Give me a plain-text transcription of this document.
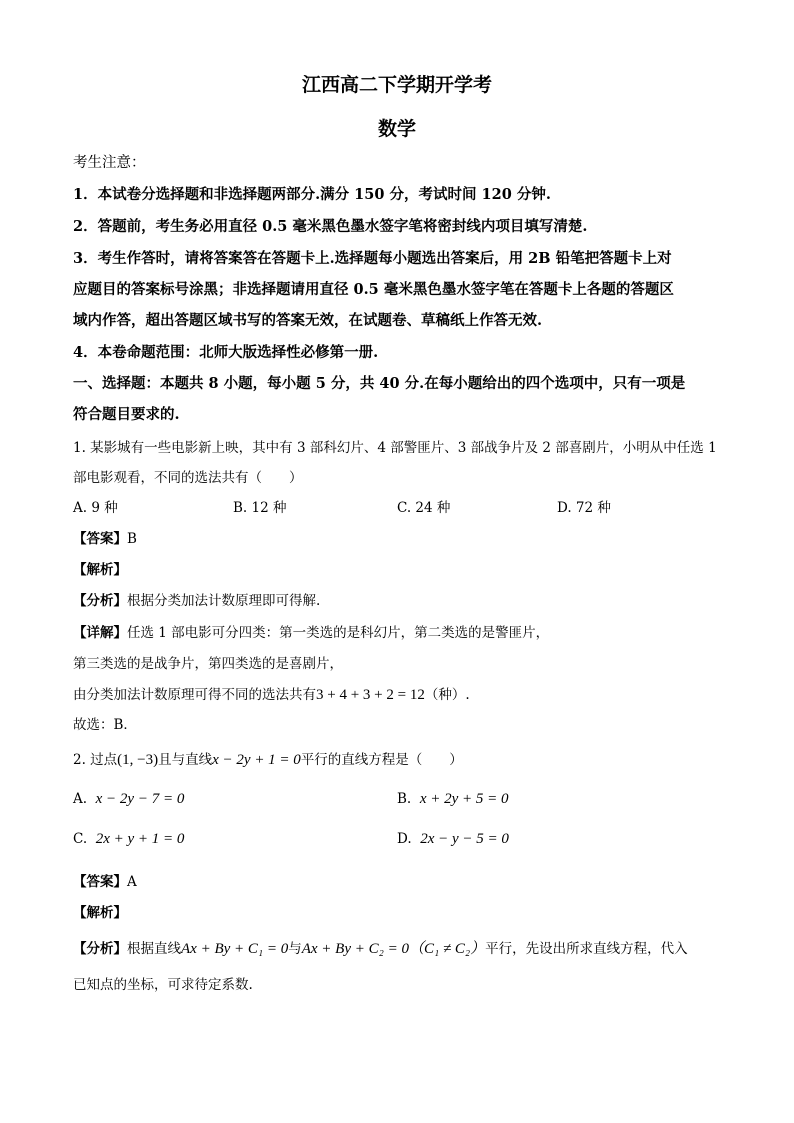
江西高二下学期开学考
数学
考生注意：
1．本试卷分选择题和非选择题两部分.满分 150 分，考试时间 120 分钟.
2．答题前，考生务必用直径 0.5 毫米黑色墨水签字笔将密封线内项目填写清楚.
3．考生作答时，请将答案答在答题卡上.选择题每小题选出答案后，用 2B 铅笔把答题卡上对
应题目的答案标号涂黑；非选择题请用直径 0.5 毫米黑色墨水签字笔在答题卡上各题的答题区
域内作答，超出答题区域书写的答案无效，在试题卷、草稿纸上作答无效.
4．本卷命题范围：北师大版选择性必修第一册.
一、选择题：本题共 8 小题，每小题 5 分，共 40 分.在每小题给出的四个选项中，只有一项是
符合题目要求的.
1. 某影城有一些电影新上映，其中有 3 部科幻片、4 部警匪片、3 部战争片及 2 部喜剧片，小明从中任选 1
部电影观看，不同的选法共有（　　）
A. 9 种	B. 12 种	C. 24 种	D. 72 种
【答案】B
【解析】
【分析】根据分类加法计数原理即可得解.
【详解】任选 1 部电影可分四类：第一类选的是科幻片，第二类选的是警匪片，
第三类选的是战争片，第四类选的是喜剧片，
由分类加法计数原理可得不同的选法共有3 + 4 + 3 + 2 = 12（种）.
故选：B．
2. 过点(1, −3)且与直线x − 2y + 1 = 0平行的直线方程是（　　）
A. x − 2y − 7 = 0	B. x + 2y + 5 = 0
C. 2x + y + 1 = 0	D. 2x − y − 5 = 0
【答案】A
【解析】
【分析】根据直线Ax + By + C₁ = 0与Ax + By + C₂ = 0（C₁ ≠ C₂）平行，先设出所求直线方程，代入
已知点的坐标，可求待定系数.
